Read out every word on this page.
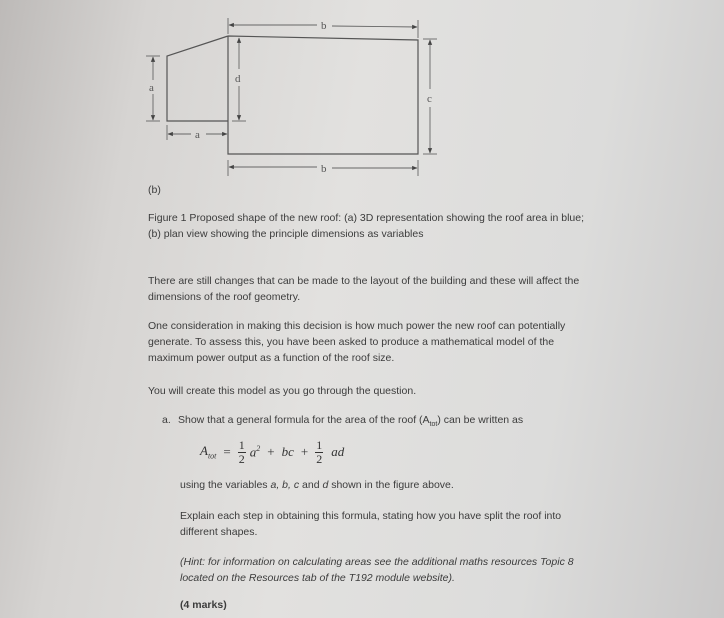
b
b
a
a
d
c
(b)
Figure 1 Proposed shape of the new roof: (a) 3D representation showing the roof area in blue;
(b) plan view showing the principle dimensions as variables
There are still changes that can be made to the layout of the building and these will affect the
dimensions of the roof geometry.
One consideration in making this decision is how much power the new roof can potentially
generate. To assess this, you have been asked to produce a mathematical model of the
maximum power output as a function of the roof size.
You will create this model as you go through the question.
a. Show that a general formula for the area of the roof $(A_{tot})$ can be written as
$A_{tot} = \frac{1}{2} a^2$ + bc + $\frac{1}{2}$ ad
using the variables a, b, c and d shown in the figure above.
Explain each step in obtaining this formula, stating how you have split the roof into
different shapes.
(Hint: for information on calculating areas see the additional maths resources Topic 8
located on the Resources tab of the T192 module website).
(4 marks)
